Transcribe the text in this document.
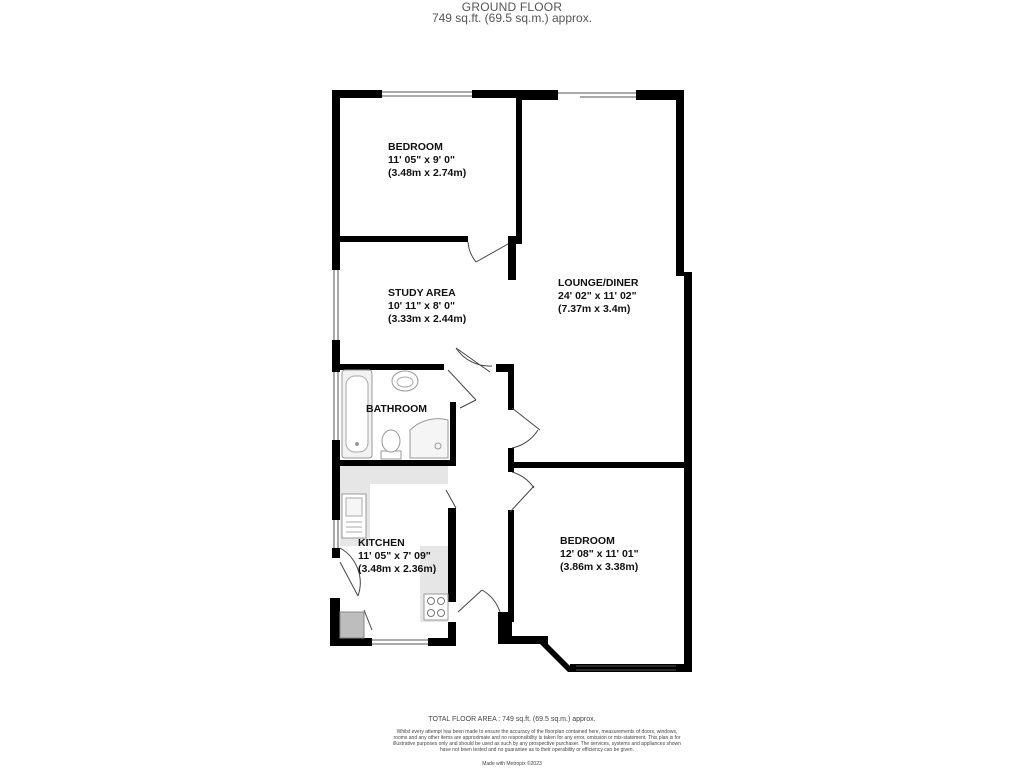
GROUND FLOOR
749 sq.ft. (69.5 sq.m.) approx.
BEDROOM
11' 05" x 9' 0"
(3.48m x 2.74m)
STUDY AREA
10' 11" x 8' 0"
(3.33m x 2.44m)
LOUNGE/DINER
24' 02" x 11' 02"
(7.37m x 3.4m)
BATHROOM
KITCHEN
11' 05" x 7' 09"
(3.48m x 2.36m)
BEDROOM
12' 08" x 11' 01"
(3.86m x 3.38m)
TOTAL FLOOR AREA : 749 sq.ft. (69.5 sq.m.) approx.
Whilst every attempt has been made to ensure the accuracy of the floorplan contained here, measurements of doors, windows, rooms and any other items are approximate and no responsibility is taken for any error, omission or mis-statement. This plan is for illustrative purposes only and should be used as such by any prospective purchaser. The services, systems and appliances shown have not been tested and no guarantee as to their operability or efficiency can be given.
Made with Metropix ©2023
